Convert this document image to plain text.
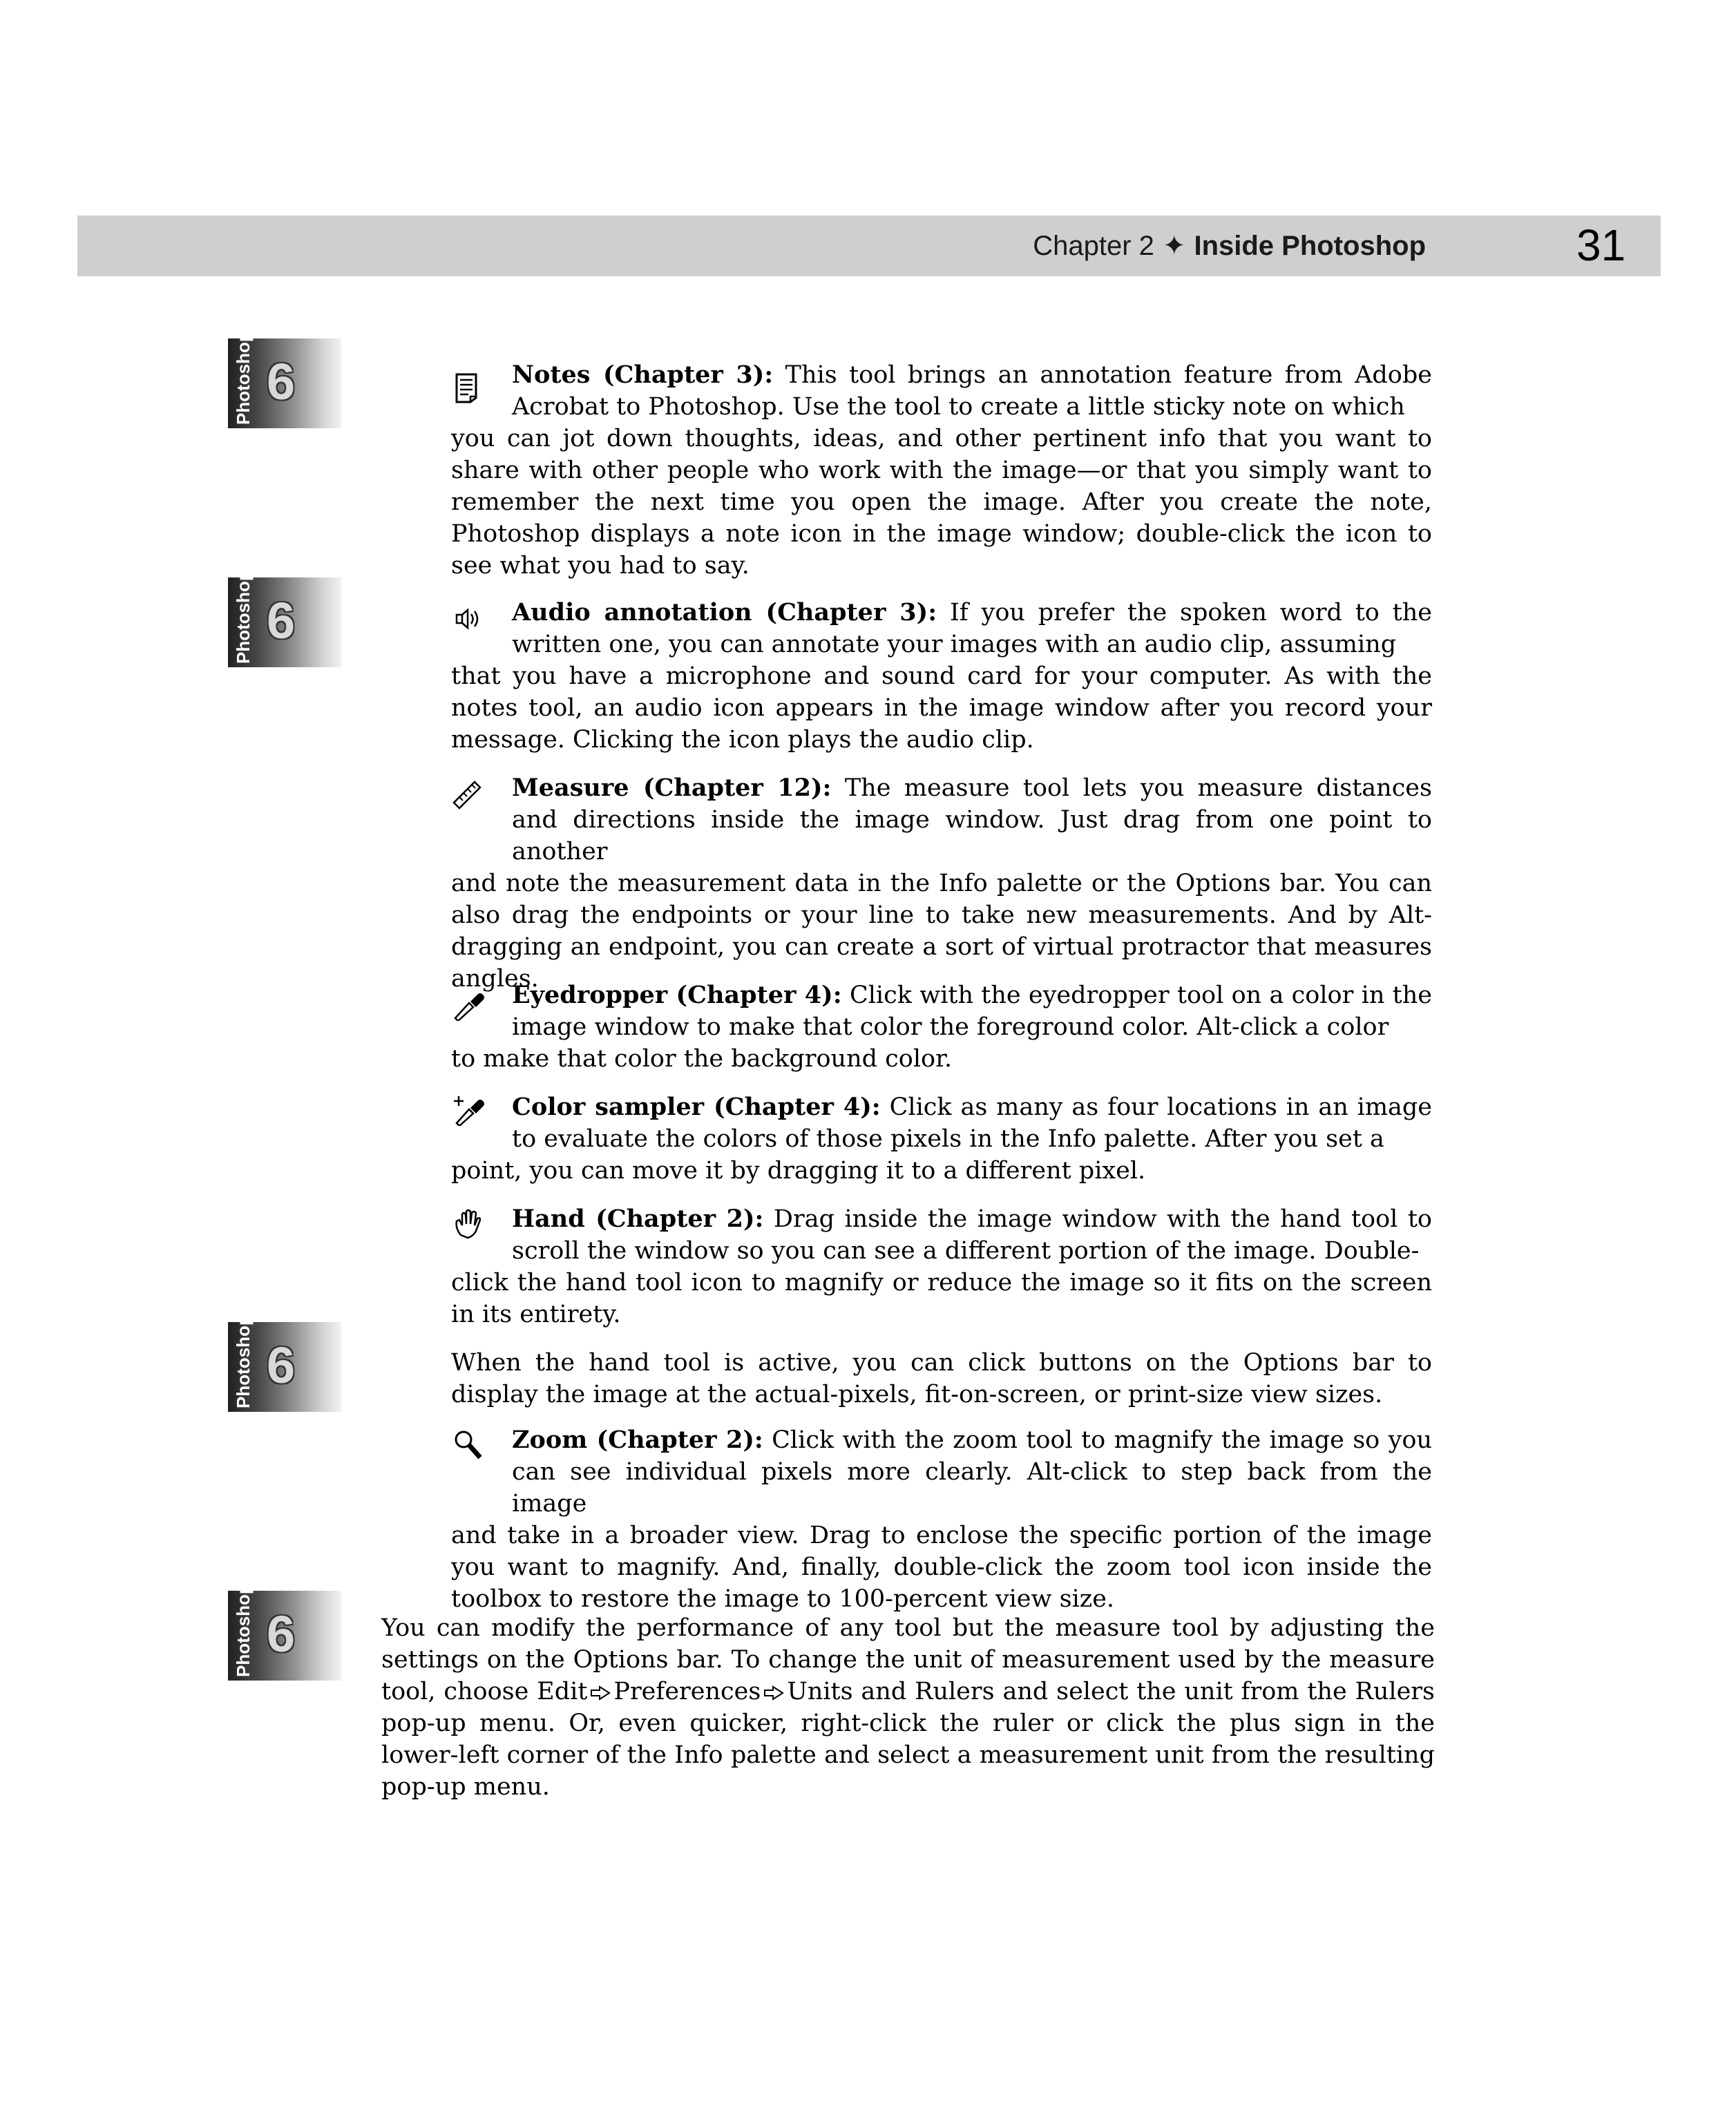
Chapter 2 ✦ Inside Photoshop	31
Photoshop 6
Photoshop 6
Photoshop 6
Photoshop 6

Notes (Chapter 3): This tool brings an annotation feature from Adobe Acrobat to Photoshop. Use the tool to create a little sticky note on which

you can jot down thoughts, ideas, and other pertinent info that you want to share with other people who work with the image—or that you simply want to remember the next time you open the image. After you create the note, Photoshop displays a note icon in the image window; double-click the icon to see what you had to say.

Audio annotation (Chapter 3): If you prefer the spoken word to the written one, you can annotate your images with an audio clip, assuming

that you have a microphone and sound card for your computer. As with the notes tool, an audio icon appears in the image window after you record your message. Clicking the icon plays the audio clip.

Measure (Chapter 12): The measure tool lets you measure distances and directions inside the image window. Just drag from one point to another

and note the measurement data in the Info palette or the Options bar. You can also drag the endpoints or your line to take new measurements. And by Alt-dragging an endpoint, you can create a sort of virtual protractor that measures angles.

Eyedropper (Chapter 4): Click with the eyedropper tool on a color in the image window to make that color the foreground color. Alt-click a color

to make that color the background color.

Color sampler (Chapter 4): Click as many as four locations in an image to evaluate the colors of those pixels in the Info palette. After you set a

point, you can move it by dragging it to a different pixel.

Hand (Chapter 2): Drag inside the image window with the hand tool to scroll the window so you can see a different portion of the image. Double-

click the hand tool icon to magnify or reduce the image so it fits on the screen in its entirety.

When the hand tool is active, you can click buttons on the Options bar to display the image at the actual-pixels, fit-on-screen, or print-size view sizes.

Zoom (Chapter 2): Click with the zoom tool to magnify the image so you can see individual pixels more clearly. Alt-click to step back from the image

and take in a broader view. Drag to enclose the specific portion of the image you want to magnify. And, finally, double-click the zoom tool icon inside the toolbox to restore the image to 100-percent view size.

You can modify the performance of any tool but the measure tool by adjusting the settings on the Options bar. To change the unit of measurement used by the measure tool, choose Edit Preferences Units and Rulers and select the unit from the Rulers pop-up menu. Or, even quicker, right-click the ruler or click the plus sign in the lower-left corner of the Info palette and select a measurement unit from the resulting pop-up menu.
